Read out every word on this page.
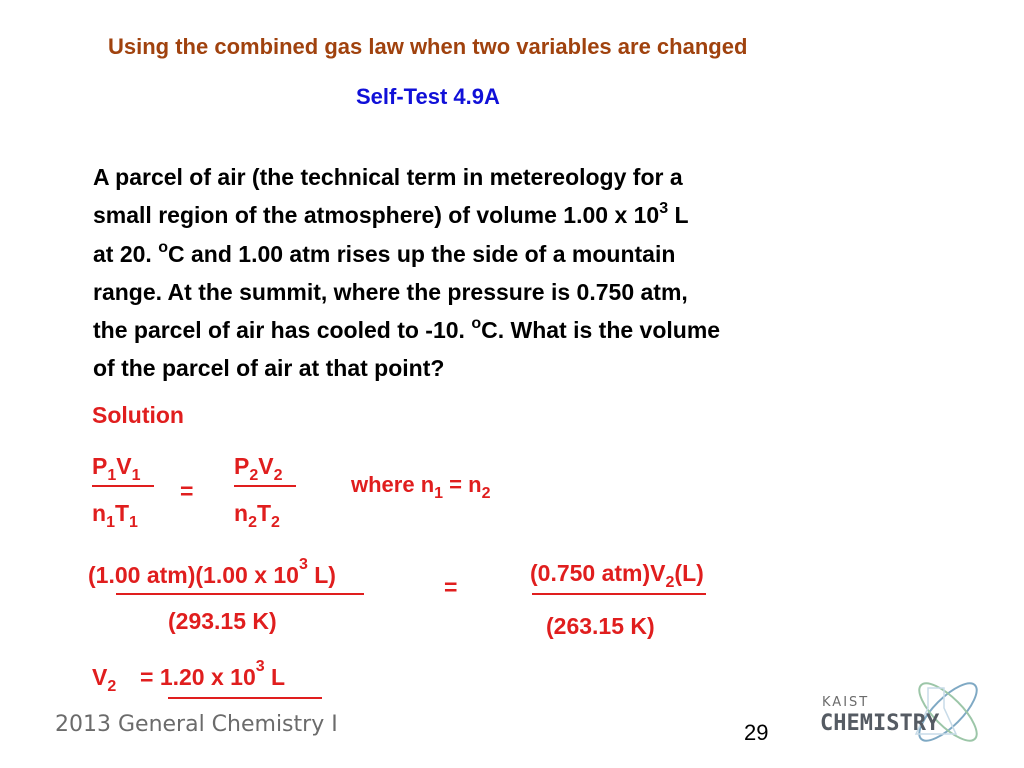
Using the combined gas law when two variables are changed
Self-Test 4.9A
A parcel of air (the technical term in metereology for a
small region of the atmosphere) of volume 1.00 x $10^3$ L
at 20. $^o$C and 1.00 atm rises up the side of a mountain
range. At the summit, where the pressure is 0.750 atm,
the parcel of air has cooled to -10. $^o$C. What is the volume
of the parcel of air at that point?
Solution
$P_1V_1$
$n_1T_1$
=
$P_2V_2$
$n_2T_2$
where $n_1 = n_2$
(1.00 atm)(1.00 x $10^3$ L)
(293.15 K)
=
(0.750 $atm)V_2(L)$
(263.15 K)
$V_2 = 1.20$ x $10^3$ L
2013 General Chemistry I	29
KAIST
CHEMISTRY
